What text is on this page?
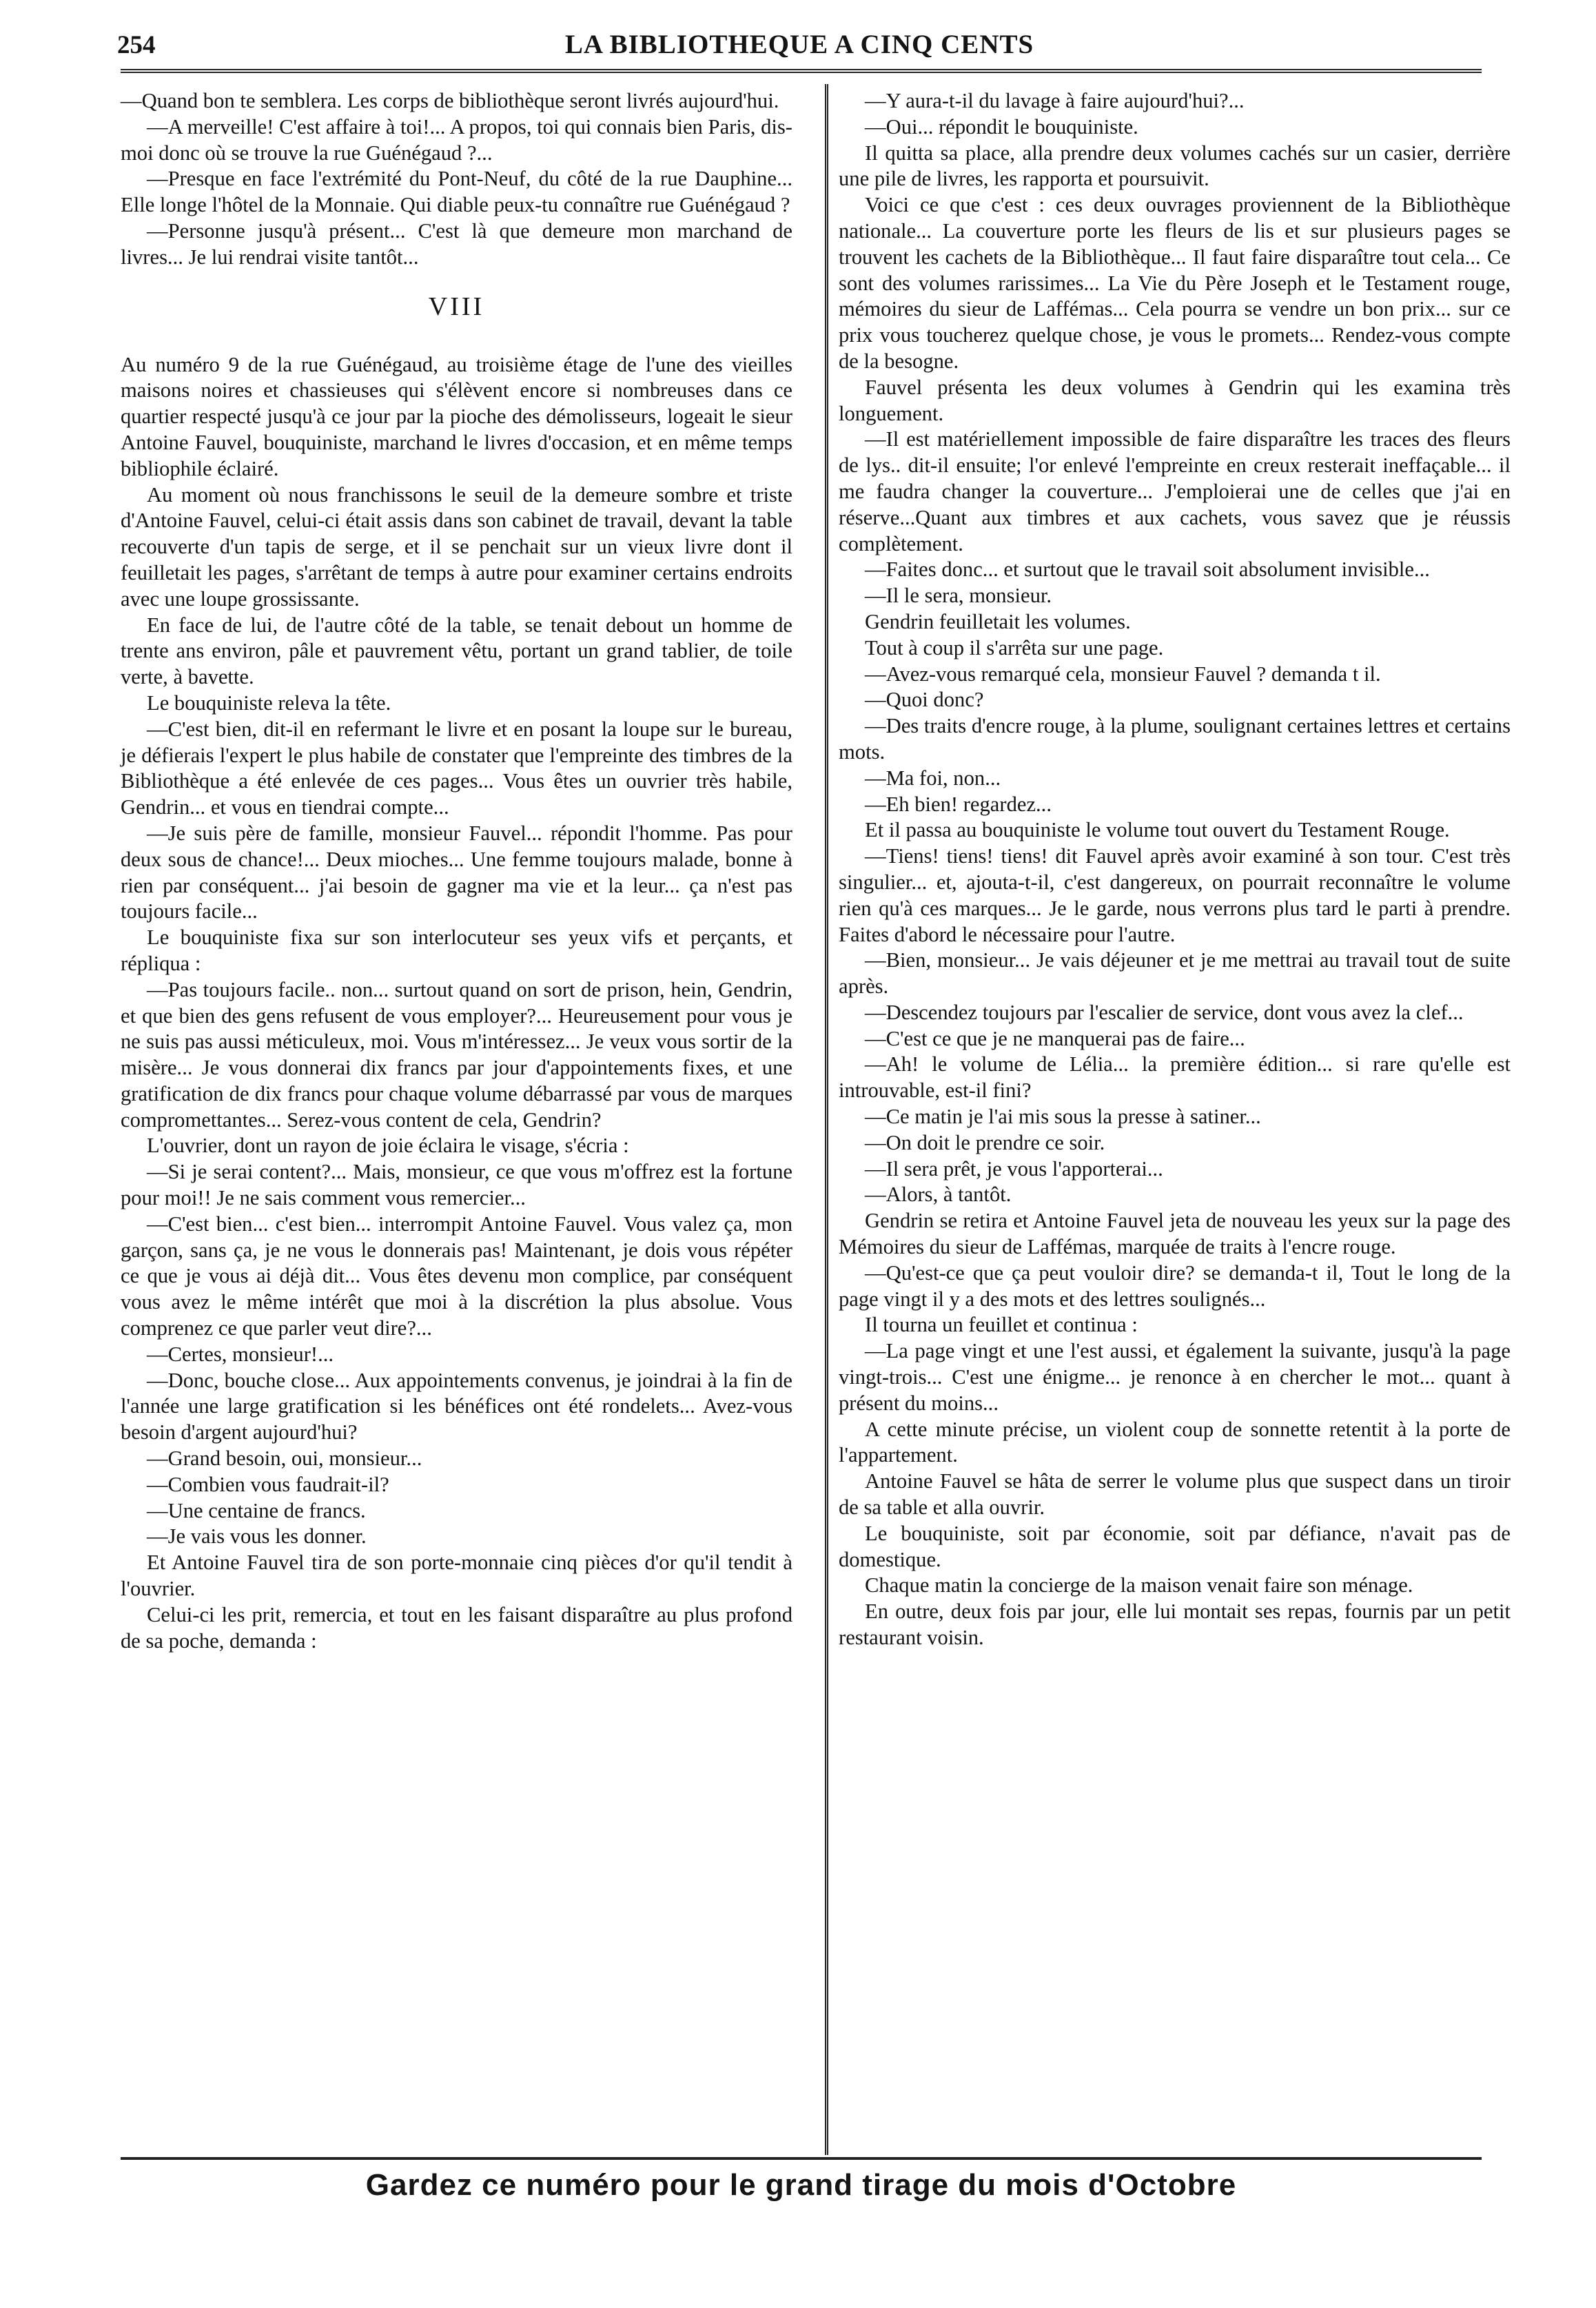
254	LA BIBLIOTHEQUE A CINQ CENTS

—Quand bon te semblera. Les corps de bibliothèque seront livrés aujourd'hui.

—A merveille! C'est affaire à toi!... A propos, toi qui connais bien Paris, dis-moi donc où se trouve la rue Guénégaud ?...

—Presque en face l'extrémité du Pont-Neuf, du côté de la rue Dauphine... Elle longe l'hôtel de la Monnaie. Qui diable peux-tu connaître rue Guénégaud ?

—Personne jusqu'à présent... C'est là que demeure mon marchand de livres... Je lui rendrai visite tantôt...

VIII

Au numéro 9 de la rue Guénégaud, au troisième étage de l'une des vieilles maisons noires et chassieuses qui s'élèvent encore si nombreuses dans ce quartier respecté jusqu'à ce jour par la pioche des démolisseurs, logeait le sieur Antoine Fauvel, bouquiniste, marchand le livres d'occasion, et en même temps bibliophile éclairé.

Au moment où nous franchissons le seuil de la demeure sombre et triste d'Antoine Fauvel, celui-ci était assis dans son cabinet de travail, devant la table recouverte d'un tapis de serge, et il se penchait sur un vieux livre dont il feuilletait les pages, s'arrêtant de temps à autre pour examiner certains endroits avec une loupe grossissante.

En face de lui, de l'autre côté de la table, se tenait debout un homme de trente ans environ, pâle et pauvrement vêtu, portant un grand tablier, de toile verte, à bavette.

Le bouquiniste releva la tête.

—C'est bien, dit-il en refermant le livre et en posant la loupe sur le bureau, je défierais l'expert le plus habile de constater que l'empreinte des timbres de la Bibliothèque a été enlevée de ces pages... Vous êtes un ouvrier très habile, Gendrin... et vous en tiendrai compte...

—Je suis père de famille, monsieur Fauvel... répondit l'homme. Pas pour deux sous de chance!... Deux mioches... Une femme toujours malade, bonne à rien par conséquent... j'ai besoin de gagner ma vie et la leur... ça n'est pas toujours facile...

Le bouquiniste fixa sur son interlocuteur ses yeux vifs et perçants, et répliqua :

—Pas toujours facile.. non... surtout quand on sort de prison, hein, Gendrin, et que bien des gens refusent de vous employer?... Heureusement pour vous je ne suis pas aussi méticuleux, moi. Vous m'intéressez... Je veux vous sortir de la misère... Je vous donnerai dix francs par jour d'appointements fixes, et une gratification de dix francs pour chaque volume débarrassé par vous de marques compromettantes... Serez-vous content de cela, Gendrin?

L'ouvrier, dont un rayon de joie éclaira le visage, s'écria :

—Si je serai content?... Mais, monsieur, ce que vous m'offrez est la fortune pour moi!! Je ne sais comment vous remercier...

—C'est bien... c'est bien... interrompit Antoine Fauvel. Vous valez ça, mon garçon, sans ça, je ne vous le donnerais pas! Maintenant, je dois vous répéter ce que je vous ai déjà dit... Vous êtes devenu mon complice, par conséquent vous avez le même intérêt que moi à la discrétion la plus absolue. Vous comprenez ce que parler veut dire?...

—Certes, monsieur!...

—Donc, bouche close... Aux appointements convenus, je joindrai à la fin de l'année une large gratification si les bénéfices ont été rondelets... Avez-vous besoin d'argent aujourd'hui?

—Grand besoin, oui, monsieur...

—Combien vous faudrait-il?

—Une centaine de francs.

—Je vais vous les donner.

Et Antoine Fauvel tira de son porte-monnaie cinq pièces d'or qu'il tendit à l'ouvrier.

Celui-ci les prit, remercia, et tout en les faisant disparaître au plus profond de sa poche, demanda :

—Y aura-t-il du lavage à faire aujourd'hui?...

—Oui... répondit le bouquiniste.

Il quitta sa place, alla prendre deux volumes cachés sur un casier, derrière une pile de livres, les rapporta et poursuivit.

Voici ce que c'est : ces deux ouvrages proviennent de la Bibliothèque nationale... La couverture porte les fleurs de lis et sur plusieurs pages se trouvent les cachets de la Bibliothèque... Il faut faire disparaître tout cela... Ce sont des volumes rarissimes... La Vie du Père Joseph et le Testament rouge, mémoires du sieur de Laffémas... Cela pourra se vendre un bon prix... sur ce prix vous toucherez quelque chose, je vous le promets... Rendez-vous compte de la besogne.

Fauvel présenta les deux volumes à Gendrin qui les examina très longuement.

—Il est matériellement impossible de faire disparaître les traces des fleurs de lys.. dit-il ensuite; l'or enlevé l'empreinte en creux resterait ineffaçable... il me faudra changer la couverture... J'emploierai une de celles que j'ai en réserve...Quant aux timbres et aux cachets, vous savez que je réussis complètement.

—Faites donc... et surtout que le travail soit absolument invisible...

—Il le sera, monsieur.

Gendrin feuilletait les volumes.

Tout à coup il s'arrêta sur une page.

—Avez-vous remarqué cela, monsieur Fauvel ? demanda t il.

—Quoi donc?

—Des traits d'encre rouge, à la plume, soulignant certaines lettres et certains mots.

—Ma foi, non...

—Eh bien! regardez...

Et il passa au bouquiniste le volume tout ouvert du Testament Rouge.

—Tiens! tiens! tiens! dit Fauvel après avoir examiné à son tour. C'est très singulier... et, ajouta-t-il, c'est dangereux, on pourrait reconnaître le volume rien qu'à ces marques... Je le garde, nous verrons plus tard le parti à prendre. Faites d'abord le nécessaire pour l'autre.

—Bien, monsieur... Je vais déjeuner et je me mettrai au travail tout de suite après.

—Descendez toujours par l'escalier de service, dont vous avez la clef...

—C'est ce que je ne manquerai pas de faire...

—Ah! le volume de Lélia... la première édition... si rare qu'elle est introuvable, est-il fini?

—Ce matin je l'ai mis sous la presse à satiner...

—On doit le prendre ce soir.

—Il sera prêt, je vous l'apporterai...

—Alors, à tantôt.

Gendrin se retira et Antoine Fauvel jeta de nouveau les yeux sur la page des Mémoires du sieur de Laffémas, marquée de traits à l'encre rouge.

—Qu'est-ce que ça peut vouloir dire? se demanda-t il, Tout le long de la page vingt il y a des mots et des lettres soulignés...

Il tourna un feuillet et continua :

—La page vingt et une l'est aussi, et également la suivante, jusqu'à la page vingt-trois... C'est une énigme... je renonce à en chercher le mot... quant à présent du moins...

A cette minute précise, un violent coup de sonnette retentit à la porte de l'appartement.

Antoine Fauvel se hâta de serrer le volume plus que suspect dans un tiroir de sa table et alla ouvrir.

Le bouquiniste, soit par économie, soit par défiance, n'avait pas de domestique.

Chaque matin la concierge de la maison venait faire son ménage.

En outre, deux fois par jour, elle lui montait ses repas, fournis par un petit restaurant voisin.

Gardez ce numéro pour le grand tirage du mois d'Octobre
